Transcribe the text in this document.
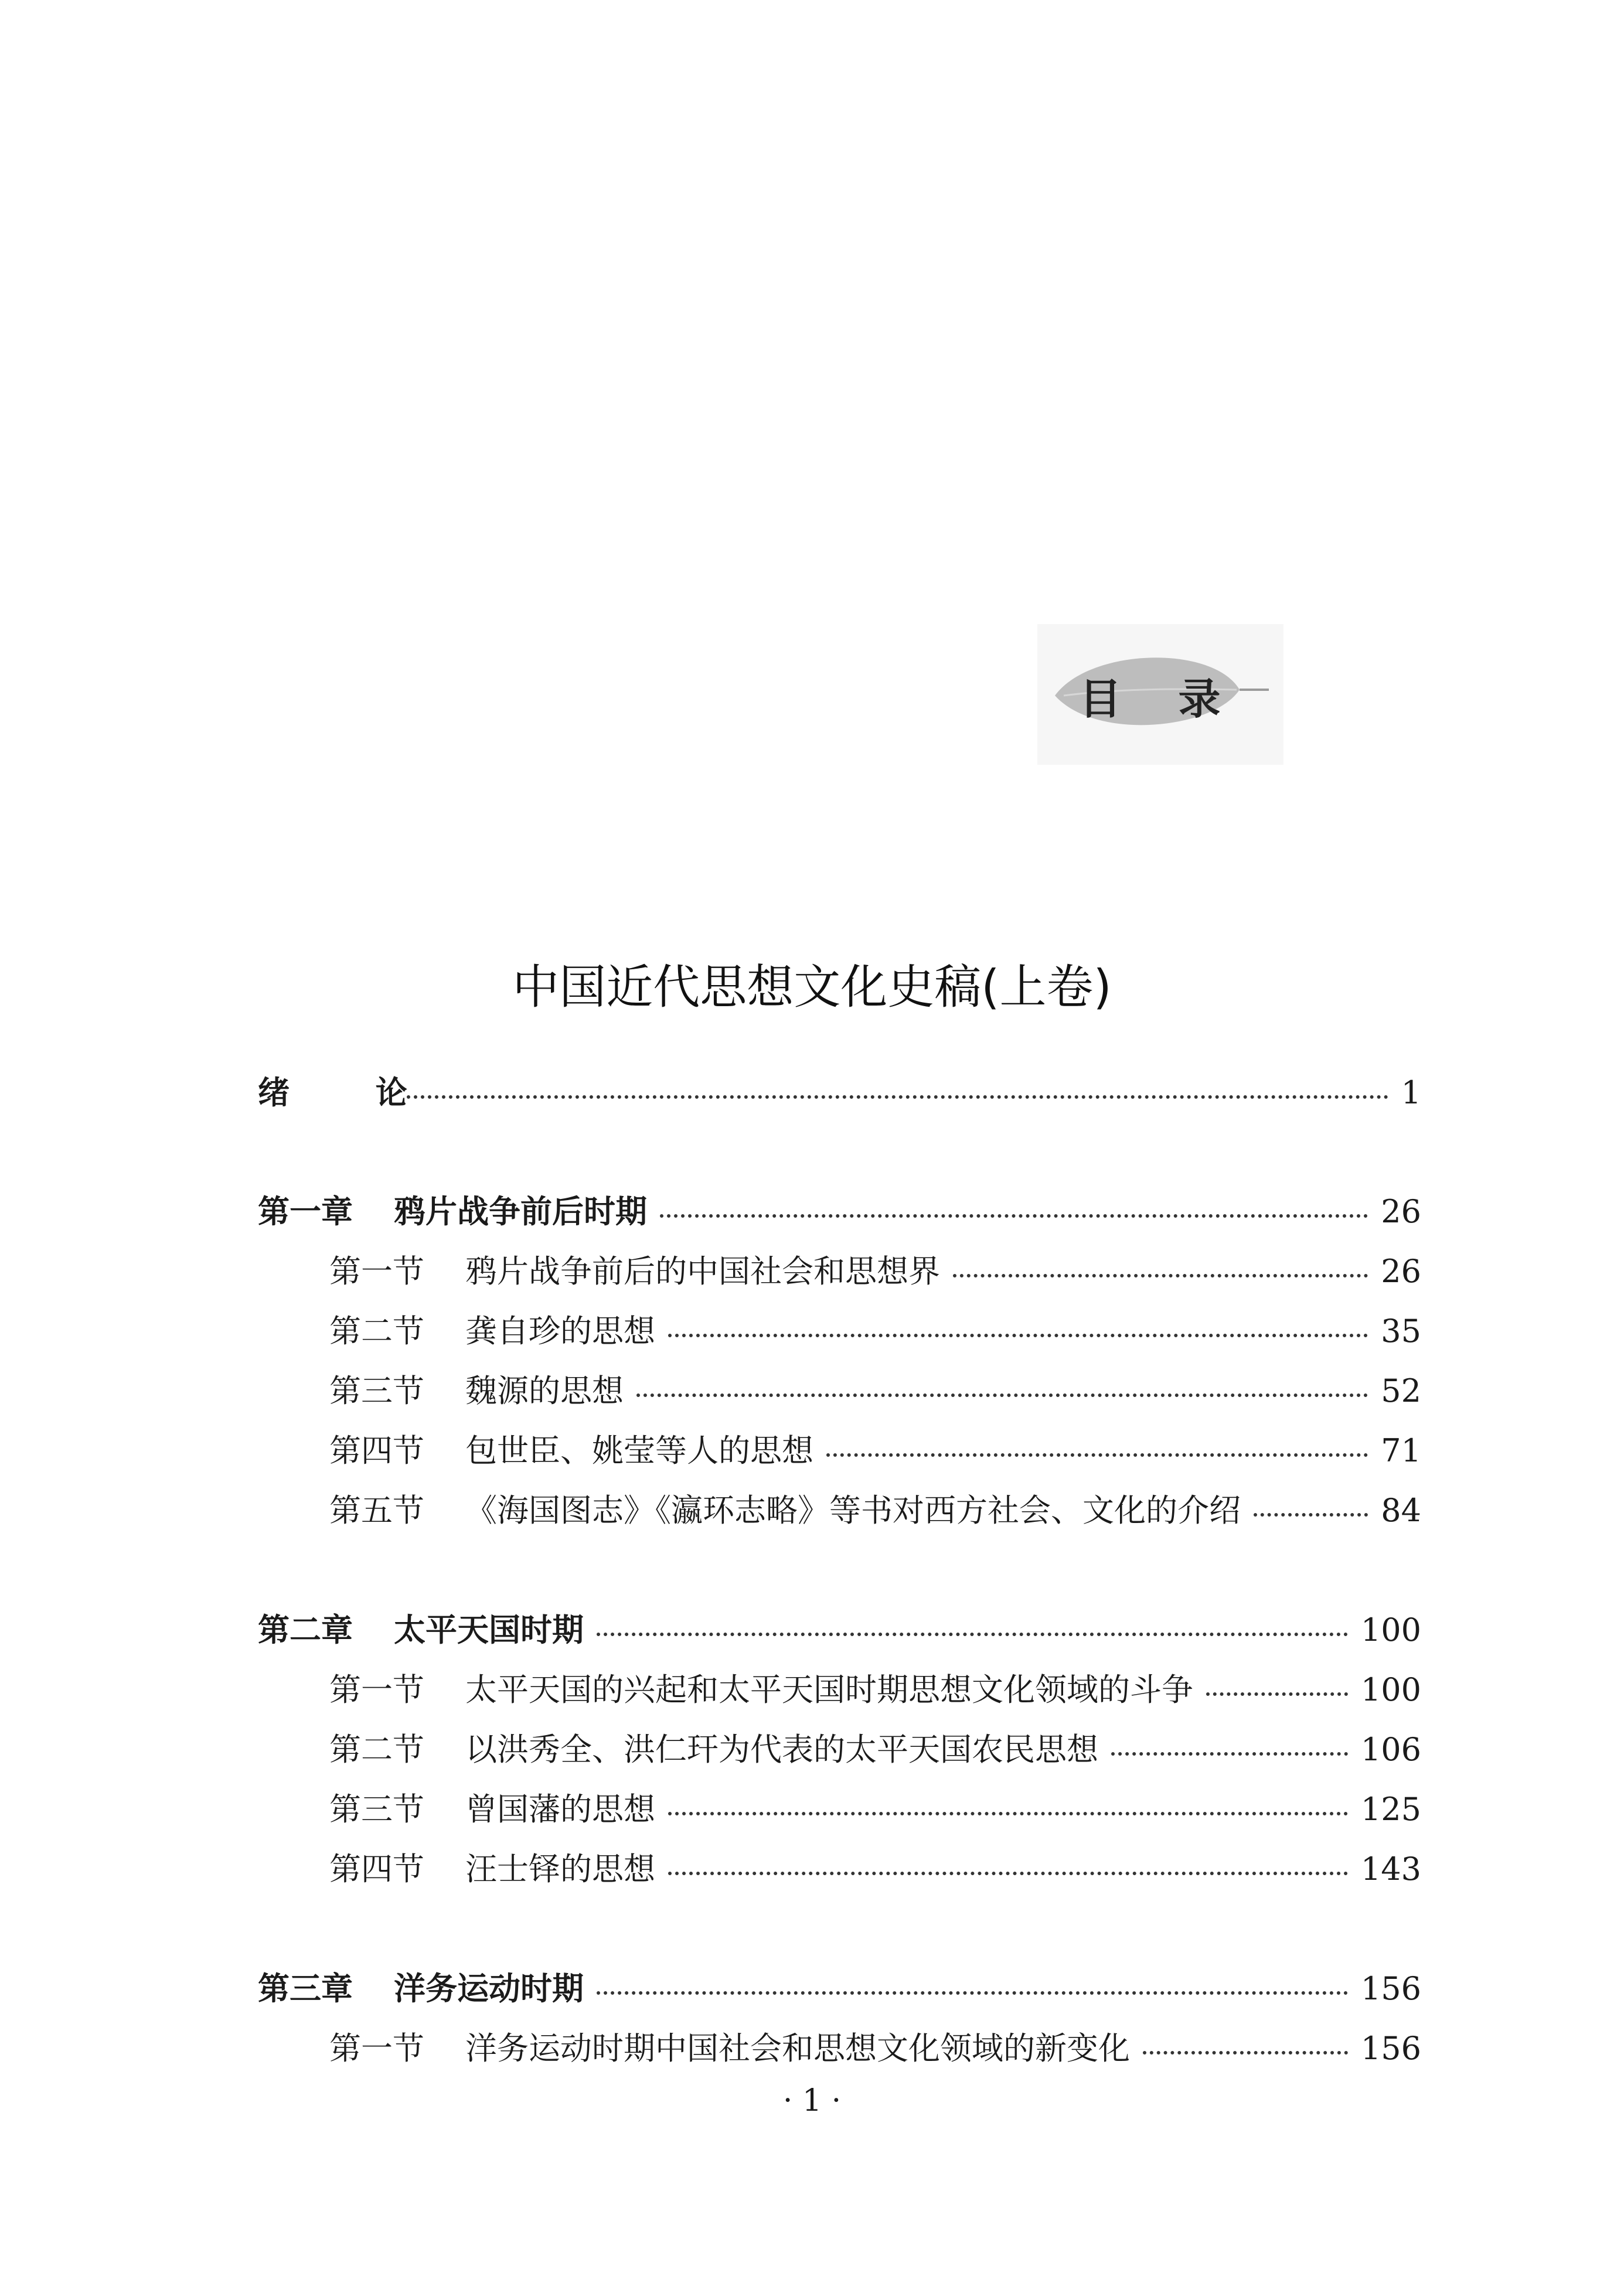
目 录
中国近代思想文化史稿(上卷)
绪 论	1
第一章	鸦片战争前后时期	26
第一节	鸦片战争前后的中国社会和思想界	26
第二节	龚自珍的思想	35
第三节	魏源的思想	52
第四节	包世臣、姚莹等人的思想	71
第五节	《海国图志》《瀛环志略》等书对西方社会、文化的介绍	84
第二章	太平天国时期	100
第一节	太平天国的兴起和太平天国时期思想文化领域的斗争	100
第二节	以洪秀全、洪仁玕为代表的太平天国农民思想	106
第三节	曾国藩的思想	125
第四节	汪士铎的思想	143
第三章	洋务运动时期	156
第一节	洋务运动时期中国社会和思想文化领域的新变化	156
· 1 ·
